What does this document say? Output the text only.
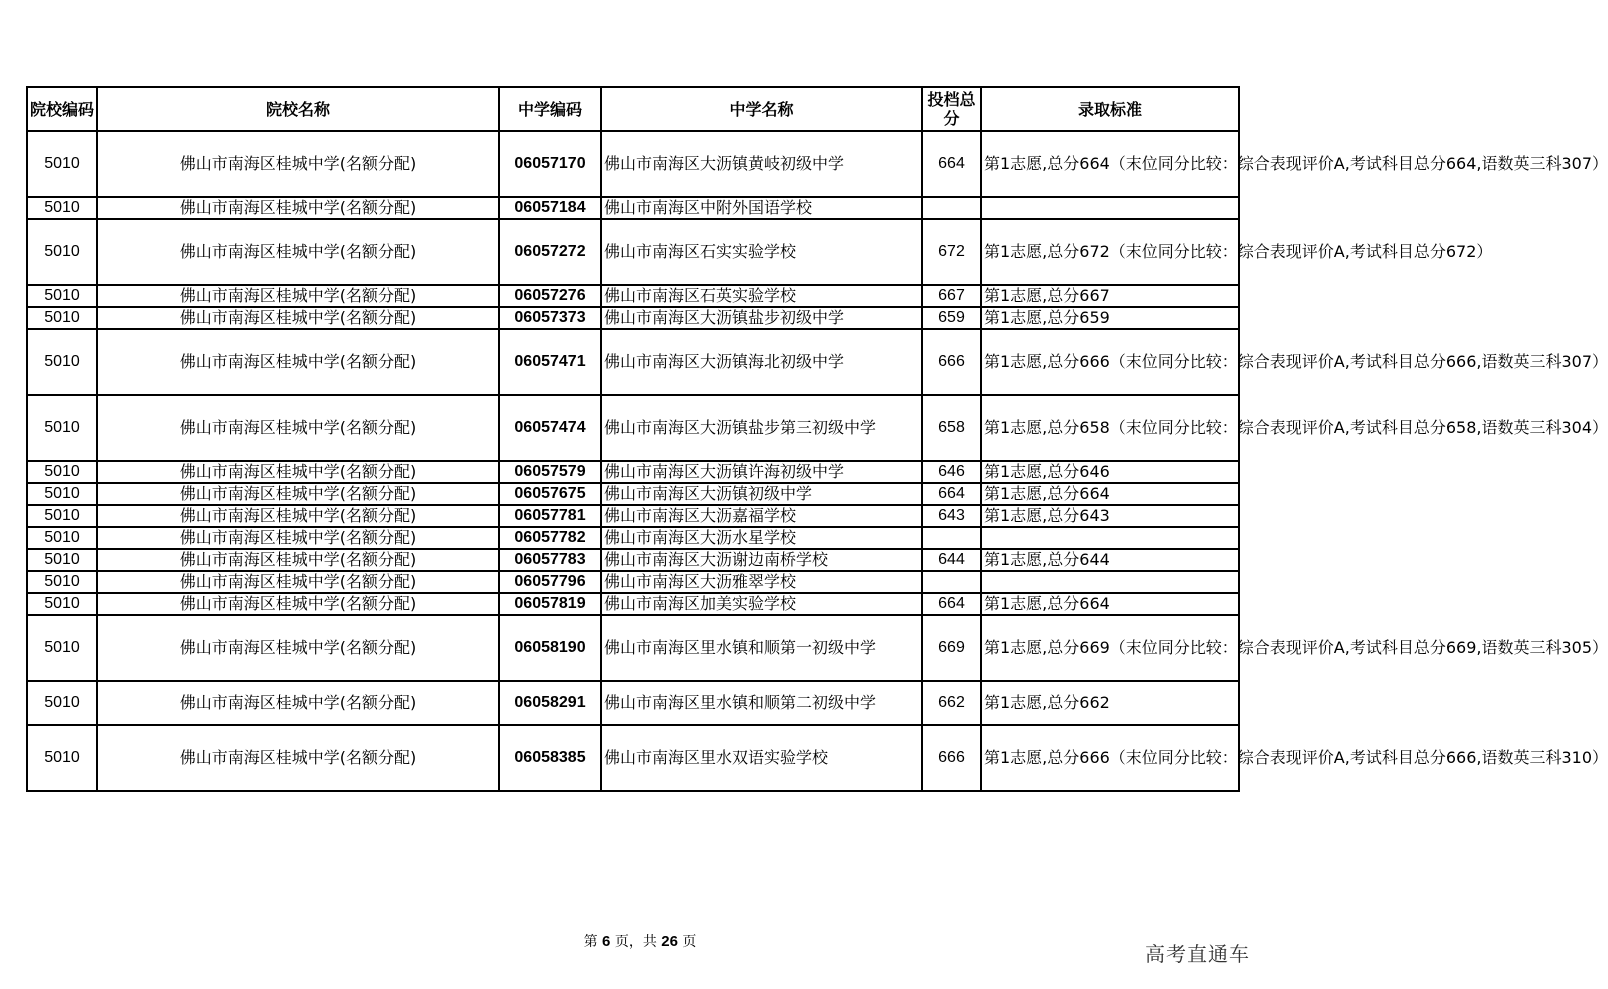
院校编码	院校名称	中学编码	中学名称	投档总分	录取标准
5010	佛山市南海区桂城中学(名额分配)	06057170	佛山市南海区大沥镇黄岐初级中学	664	第1志愿,总分664（末位同分比较：综合表现评价A,考试科目总分664,语数英三科307）
5010	佛山市南海区桂城中学(名额分配)	06057184	佛山市南海区中附外国语学校		
5010	佛山市南海区桂城中学(名额分配)	06057272	佛山市南海区石实实验学校	672	第1志愿,总分672（末位同分比较：综合表现评价A,考试科目总分672）
5010	佛山市南海区桂城中学(名额分配)	06057276	佛山市南海区石英实验学校	667	第1志愿,总分667
5010	佛山市南海区桂城中学(名额分配)	06057373	佛山市南海区大沥镇盐步初级中学	659	第1志愿,总分659
5010	佛山市南海区桂城中学(名额分配)	06057471	佛山市南海区大沥镇海北初级中学	666	第1志愿,总分666（末位同分比较：综合表现评价A,考试科目总分666,语数英三科307）
5010	佛山市南海区桂城中学(名额分配)	06057474	佛山市南海区大沥镇盐步第三初级中学	658	第1志愿,总分658（末位同分比较：综合表现评价A,考试科目总分658,语数英三科304）
5010	佛山市南海区桂城中学(名额分配)	06057579	佛山市南海区大沥镇许海初级中学	646	第1志愿,总分646
5010	佛山市南海区桂城中学(名额分配)	06057675	佛山市南海区大沥镇初级中学	664	第1志愿,总分664
5010	佛山市南海区桂城中学(名额分配)	06057781	佛山市南海区大沥嘉福学校	643	第1志愿,总分643
5010	佛山市南海区桂城中学(名额分配)	06057782	佛山市南海区大沥水星学校		
5010	佛山市南海区桂城中学(名额分配)	06057783	佛山市南海区大沥谢边南桥学校	644	第1志愿,总分644
5010	佛山市南海区桂城中学(名额分配)	06057796	佛山市南海区大沥雅翠学校		
5010	佛山市南海区桂城中学(名额分配)	06057819	佛山市南海区加美实验学校	664	第1志愿,总分664
5010	佛山市南海区桂城中学(名额分配)	06058190	佛山市南海区里水镇和顺第一初级中学	669	第1志愿,总分669（末位同分比较：综合表现评价A,考试科目总分669,语数英三科305）
5010	佛山市南海区桂城中学(名额分配)	06058291	佛山市南海区里水镇和顺第二初级中学	662	第1志愿,总分662
5010	佛山市南海区桂城中学(名额分配)	06058385	佛山市南海区里水双语实验学校	666	第1志愿,总分666（末位同分比较：综合表现评价A,考试科目总分666,语数英三科310）
第 6 页，共 26 页	高考直通车
